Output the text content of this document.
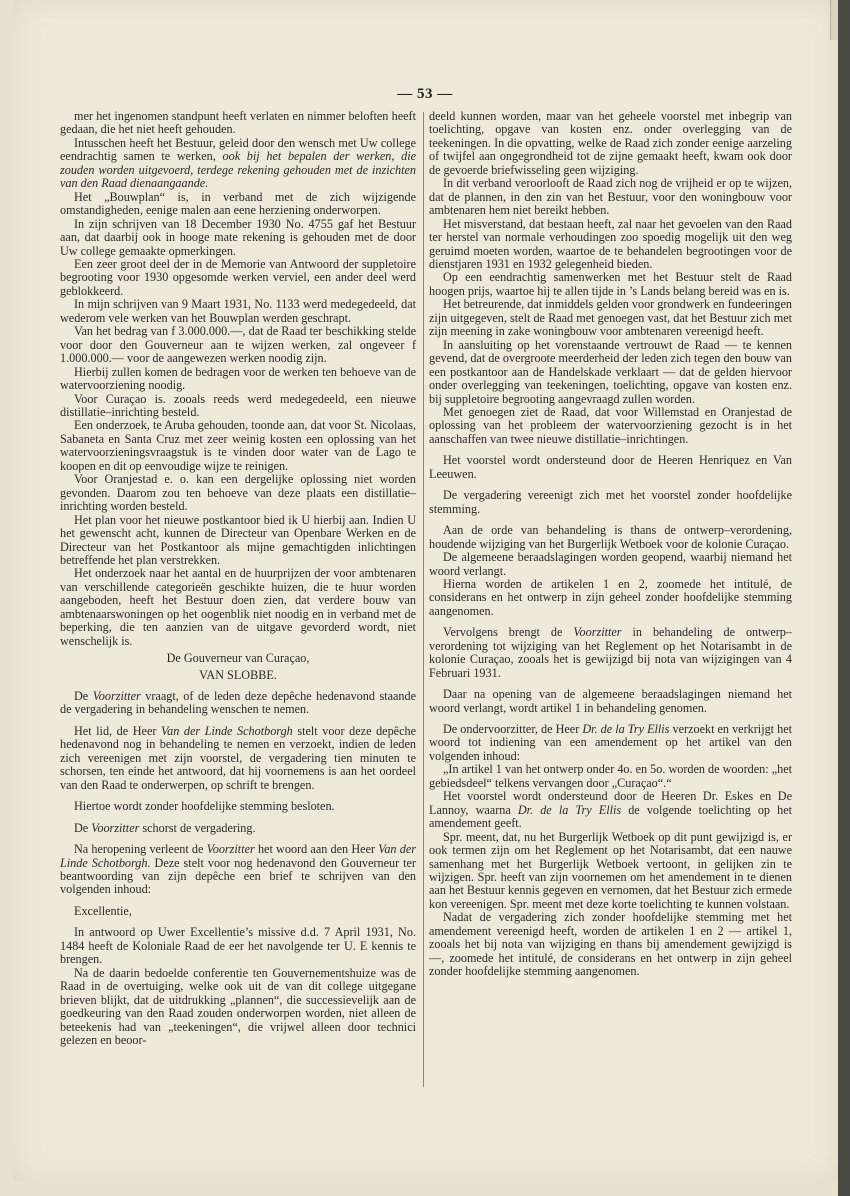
— 53 —

mer het ingenomen standpunt heeft verlaten en nimmer beloften heeft gedaan, die het niet heeft gehouden.

Intusschen heeft het Bestuur, geleid door den wensch met Uw college eendrachtig samen te werken, ook bij het bepalen der werken, die zouden worden uitgevoerd, terdege rekening gehouden met de inzichten van den Raad dienaangaande.

Het „Bouwplan“ is, in verband met de zich wijzigende omstandigheden, eenige malen aan eene herziening onderworpen.

In zijn schrijven van 18 December 1930 No. 4755 gaf het Bestuur aan, dat daarbij ook in hooge mate rekening is gehouden met de door Uw college gemaakte opmerkingen.

Een zeer groot deel der in de Memorie van Antwoord der suppletoire begrooting voor 1930 opgesomde werken verviel, een ander deel werd geblokkeerd.

In mijn schrijven van 9 Maart 1931, No. 1133 werd medegedeeld, dat wederom vele werken van het Bouwplan werden geschrapt.

Van het bedrag van f 3.000.000.—, dat de Raad ter beschikking stelde voor door den Gouverneur aan te wijzen werken, zal ongeveer f 1.000.000.— voor de aangewezen werken noodig zijn.

Hierbij zullen komen de bedragen voor de werken ten behoeve van de watervoorziening noodig.

Voor Curaçao is. zooals reeds werd medegedeeld, een nieuwe distillatie–inrichting besteld.

Een onderzoek, te Aruba gehouden, toonde aan, dat voor St. Nicolaas, Sabaneta en Santa Cruz met zeer weinig kosten een oplossing van het watervoorzieningsvraagstuk is te vinden door water van de Lago te koopen en dit op eenvoudige wijze te reinigen.

Voor Oranjestad e. o. kan een dergelijke oplossing niet worden gevonden. Daarom zou ten behoeve van deze plaats een distillatie–inrichting worden besteld.

Het plan voor het nieuwe postkantoor bied ik U hierbij aan. Indien U het gewenscht acht, kunnen de Directeur van Openbare Werken en de Directeur van het Postkantoor als mijne gemachtigden inlichtingen betreffende het plan verstrekken.

Het onderzoek naar het aantal en de huurprijzen der voor ambtenaren van verschillende categorieën geschikte huizen, die te huur worden aangeboden, heeft het Bestuur doen zien, dat verdere bouw van ambtenaarswoningen op het oogenblik niet noodig en in verband met de beperking, die ten aanzien van de uitgave gevorderd wordt, niet wenschelijk is.

De Gouverneur van Curaçao,

VAN SLOBBE.

De Voorzitter vraagt, of de leden deze depêche hedenavond staande de vergadering in behandeling wenschen te nemen.

Het lid, de Heer Van der Linde Schotborgh stelt voor deze depêche hedenavond nog in behandeling te nemen en verzoekt, indien de leden zich vereenigen met zijn voorstel, de vergadering tien minuten te schorsen, ten einde het antwoord, dat hij voornemens is aan het oordeel van den Raad te onderwerpen, op schrift te brengen.

Hiertoe wordt zonder hoofdelijke stemming besloten.

De Voorzitter schorst de vergadering.

Na heropening verleent de Voorzitter het woord aan den Heer Van der Linde Schotborgh. Deze stelt voor nog hedenavond den Gouverneur ter beantwoording van zijn depêche een brief te schrijven van den volgenden inhoud:

Excellentie,

In antwoord op Uwer Excellentie’s missive d.d. 7 April 1931, No. 1484 heeft de Koloniale Raad de eer het navolgende ter U. E kennis te brengen.

Na de daarin bedoelde conferentie ten Gouvernementshuize was de Raad in de overtuiging, welke ook uit de van dit college uitgegane brieven blijkt, dat de uitdrukking „plannen“, die successievelijk aan de goedkeuring van den Raad zouden onderworpen worden, niet alleen de beteekenis had van „teekeningen“, die vrijwel alleen door technici gelezen en beoor-

deeld kunnen worden, maar van het geheele voorstel met inbegrip van toelichting, opgave van kosten enz. onder overlegging van de teekeningen. In die opvatting, welke de Raad zich zonder eenige aarzeling of twijfel aan ongegrondheid tot de zijne gemaakt heeft, kwam ook door de gevoerde briefwisseling geen wijziging.

In dit verband veroorlooft de Raad zich nog de vrijheid er op te wijzen, dat de plannen, in den zin van het Bestuur, voor den woningbouw voor ambtenaren hem niet bereikt hebben.

Het misverstand, dat bestaan heeft, zal naar het gevoelen van den Raad ter herstel van normale verhoudingen zoo spoedig mogelijk uit den weg geruimd moeten worden, waartoe de te behandelen begrootingen voor de dienstjaren 1931 en 1932 gelegenheid bieden.

Op een eendrachtig samenwerken met het Bestuur stelt de Raad hoogen prijs, waartoe hij te allen tijde in ’s Lands belang bereid was en is.

Het betreurende, dat inmiddels gelden voor grondwerk en fundeeringen zijn uitgegeven, stelt de Raad met genoegen vast, dat het Bestuur zich met zijn meening in zake woningbouw voor ambtenaren vereenigd heeft.

In aansluiting op het vorenstaande vertrouwt de Raad — te kennen gevend, dat de overgroote meerderheid der leden zich tegen den bouw van een postkantoor aan de Handelskade verklaart — dat de gelden hiervoor onder overlegging van teekeningen, toelichting, opgave van kosten enz. bij suppletoire begrooting aangevraagd zullen worden.

Met genoegen ziet de Raad, dat voor Willemstad en Oranjestad de oplossing van het probleem der watervoorziening gezocht is in het aanschaffen van twee nieuwe distillatie–inrichtingen.

Het voorstel wordt ondersteund door de Heeren Henriquez en Van Leeuwen.

De vergadering vereenigt zich met het voorstel zonder hoofdelijke stemming.

Aan de orde van behandeling is thans de ontwerp–verordening, houdende wijziging van het Burgerlijk Wetboek voor de kolonie Curaçao.

De algemeene beraadslagingen worden geopend, waarbij niemand het woord verlangt.

Hierna worden de artikelen 1 en 2, zoomede het intitulé, de considerans en het ontwerp in zijn geheel zonder hoofdelijke stemming aangenomen.

Vervolgens brengt de Voorzitter in behandeling de ontwerp–verordening tot wijziging van het Reglement op het Notarisambt in de kolonie Curaçao, zooals het is gewijzigd bij nota van wijzigingen van 4 Februari 1931.

Daar na opening van de algemeene beraadslagingen niemand het woord verlangt, wordt artikel 1 in behandeling genomen.

De ondervoorzitter, de Heer Dr. de la Try Ellis verzoekt en verkrijgt het woord tot indiening van een amendement op het artikel van den volgenden inhoud:

„In artikel 1 van het ontwerp onder 4o. en 5o. worden de woorden: „het gebiedsdeel“ telkens vervangen door „Curaçao“.“

Het voorstel wordt ondersteund door de Heeren Dr. Eskes en De Lannoy, waarna Dr. de la Try Ellis de volgende toelichting op het amendement geeft.

Spr. meent, dat, nu het Burgerlijk Wetboek op dit punt gewijzigd is, er ook termen zijn om het Reglement op het Notarisambt, dat een nauwe samenhang met het Burgerlijk Wetboek vertoont, in gelijken zin te wijzigen. Spr. heeft van zijn voornemen om het amendement in te dienen aan het Bestuur kennis gegeven en vernomen, dat het Bestuur zich ermede kon vereenigen. Spr. meent met deze korte toelichting te kunnen volstaan.

Nadat de vergadering zich zonder hoofdelijke stemming met het amendement vereenigd heeft, worden de artikelen 1 en 2 — artikel 1, zooals het bij nota van wijziging en thans bij amendement gewijzigd is —, zoomede het intitulé, de considerans en het ontwerp in zijn geheel zonder hoofdelijke stemming aangenomen.
